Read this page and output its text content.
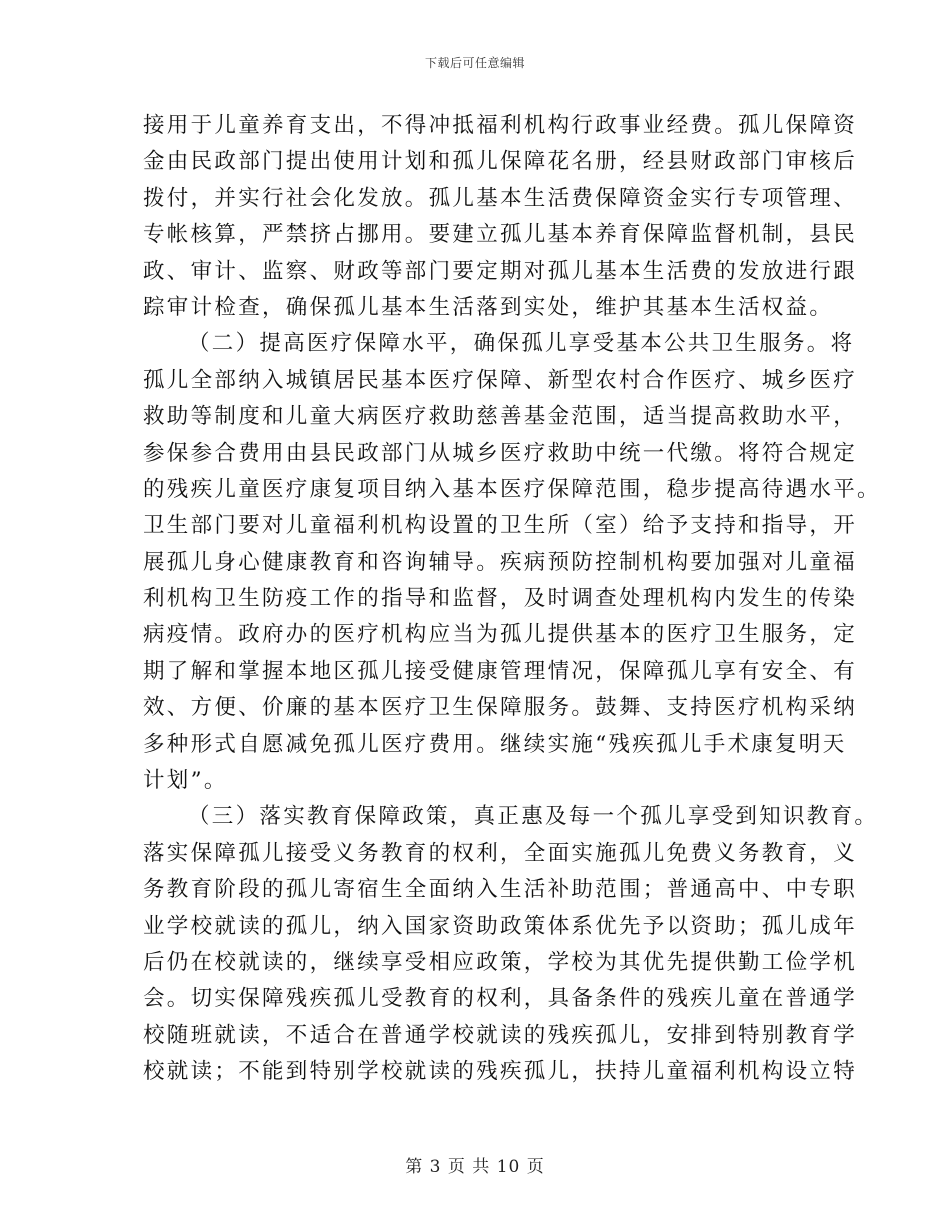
下载后可任意编辑
接用于儿童养育支出，不得冲抵福利机构行政事业经费。孤儿保障资
金由民政部门提出使用计划和孤儿保障花名册，经县财政部门审核后
拨付，并实行社会化发放。孤儿基本生活费保障资金实行专项管理、
专帐核算，严禁挤占挪用。要建立孤儿基本养育保障监督机制，县民
政、审计、监察、财政等部门要定期对孤儿基本生活费的发放进行跟
踪审计检查，确保孤儿基本生活落到实处，维护其基本生活权益。
（二）提高医疗保障水平，确保孤儿享受基本公共卫生服务。将
孤儿全部纳入城镇居民基本医疗保障、新型农村合作医疗、城乡医疗
救助等制度和儿童大病医疗救助慈善基金范围，适当提高救助水平，
参保参合费用由县民政部门从城乡医疗救助中统一代缴。将符合规定
的残疾儿童医疗康复项目纳入基本医疗保障范围，稳步提高待遇水平。
卫生部门要对儿童福利机构设置的卫生所（室）给予支持和指导，开
展孤儿身心健康教育和咨询辅导。疾病预防控制机构要加强对儿童福
利机构卫生防疫工作的指导和监督，及时调查处理机构内发生的传染
病疫情。政府办的医疗机构应当为孤儿提供基本的医疗卫生服务，定
期了解和掌握本地区孤儿接受健康管理情况，保障孤儿享有安全、有
效、方便、价廉的基本医疗卫生保障服务。鼓舞、支持医疗机构采纳
多种形式自愿减免孤儿医疗费用。继续实施“残疾孤儿手术康复明天
计划”。
（三）落实教育保障政策，真正惠及每一个孤儿享受到知识教育。
落实保障孤儿接受义务教育的权利，全面实施孤儿免费义务教育，义
务教育阶段的孤儿寄宿生全面纳入生活补助范围；普通高中、中专职
业学校就读的孤儿，纳入国家资助政策体系优先予以资助；孤儿成年
后仍在校就读的，继续享受相应政策，学校为其优先提供勤工俭学机
会。切实保障残疾孤儿受教育的权利，具备条件的残疾儿童在普通学
校随班就读，不适合在普通学校就读的残疾孤儿，安排到特别教育学
校就读；不能到特别学校就读的残疾孤儿，扶持儿童福利机构设立特
第 3 页 共 10 页
